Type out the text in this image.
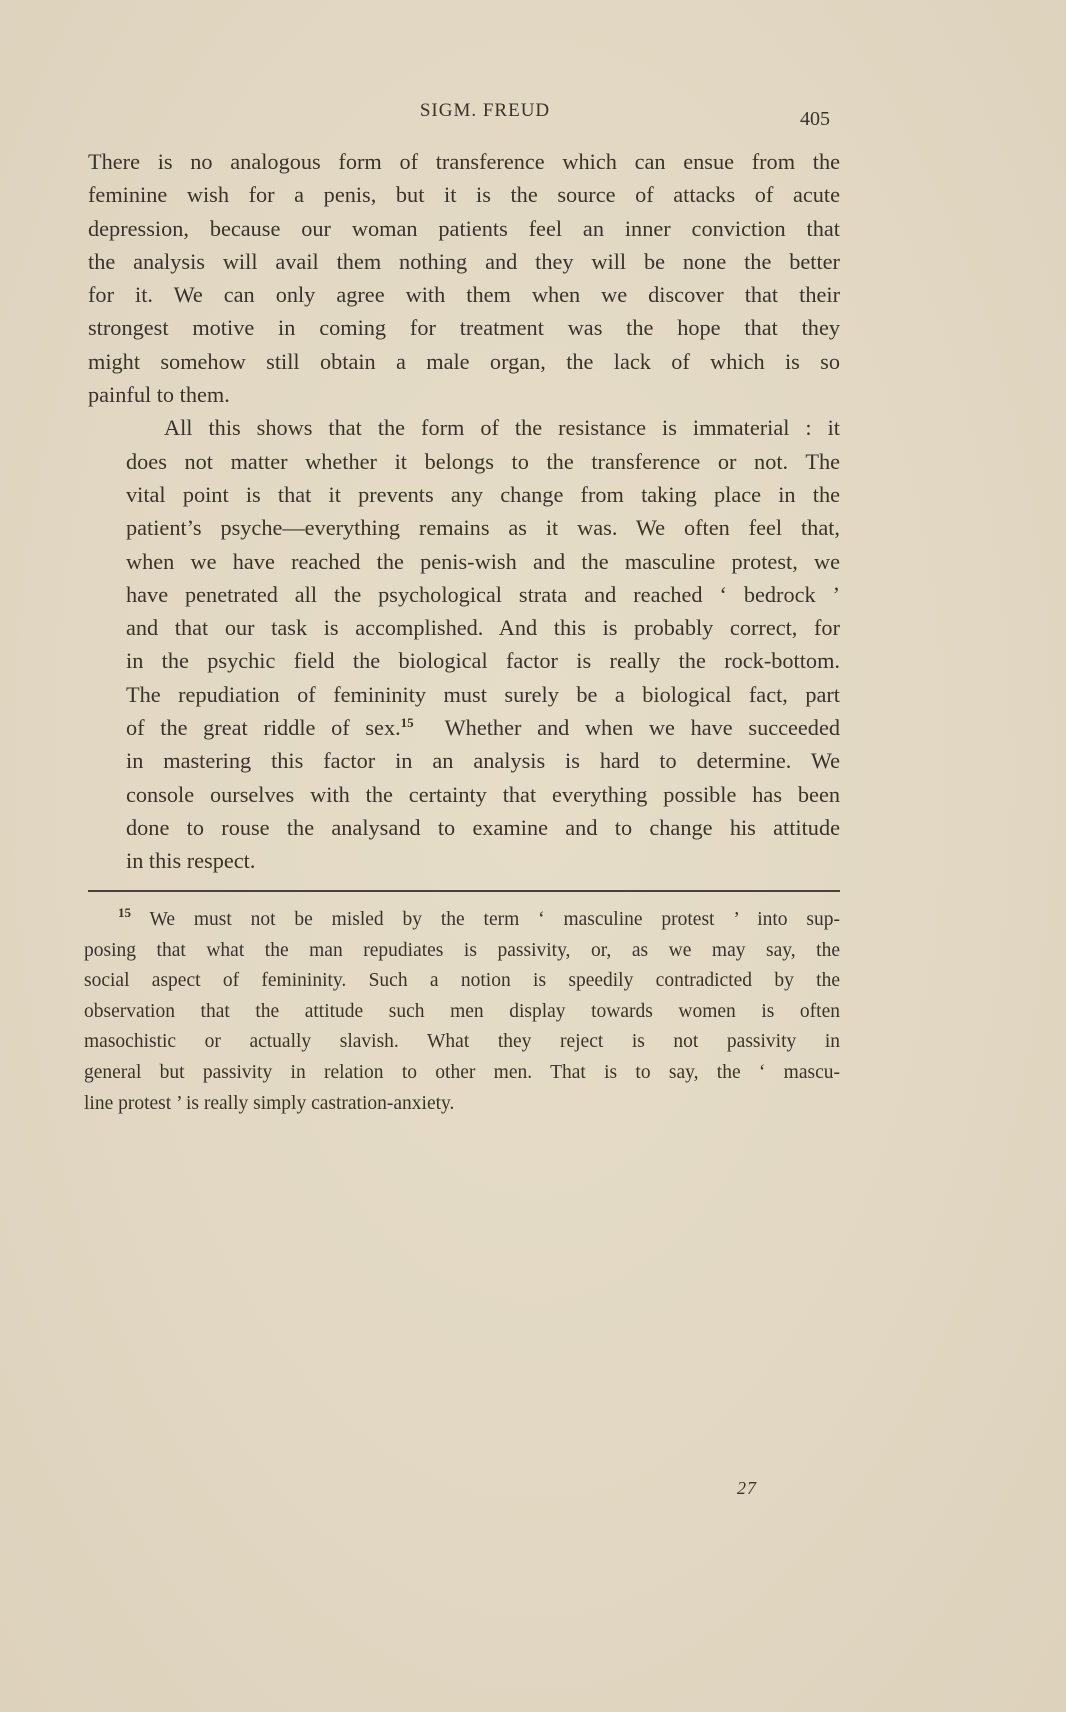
SIGM. FREUD	405

There is no analogous form of transference which can ensue from the
feminine wish for a penis, but it is the source of attacks of acute
depression, because our woman patients feel an inner conviction that
the analysis will avail them nothing and they will be none the better
for it. We can only agree with them when we discover that their
strongest motive in coming for treatment was the hope that they
might somehow still obtain a male organ, the lack of which is so
painful to them.

All this shows that the form of the resistance is immaterial : it
does not matter whether it belongs to the transference or not. The
vital point is that it prevents any change from taking place in the
patient’s psyche—everything remains as it was. We often feel that,
when we have reached the penis-wish and the masculine protest, we
have penetrated all the psychological strata and reached ‘ bedrock ’
and that our task is accomplished. And this is probably correct, for
in the psychic field the biological factor is really the rock-bottom.
The repudiation of femininity must surely be a biological fact, part
of the great riddle of sex.$^{15}$  Whether and when we have succeeded
in mastering this factor in an analysis is hard to determine. We
console ourselves with the certainty that everything possible has been
done to rouse the analysand to examine and to change his attitude
in this respect.

$^{15}$ We must not be misled by the term ‘ masculine protest ’ into sup-
posing that what the man repudiates is passivity, or, as we may say, the
social aspect of femininity. Such a notion is speedily contradicted by the
observation that the attitude such men display towards women is often
masochistic or actually slavish. What they reject is not passivity in
general but passivity in relation to other men. That is to say, the ‘ mascu-
line protest ’ is really simply castration-anxiety.
27
